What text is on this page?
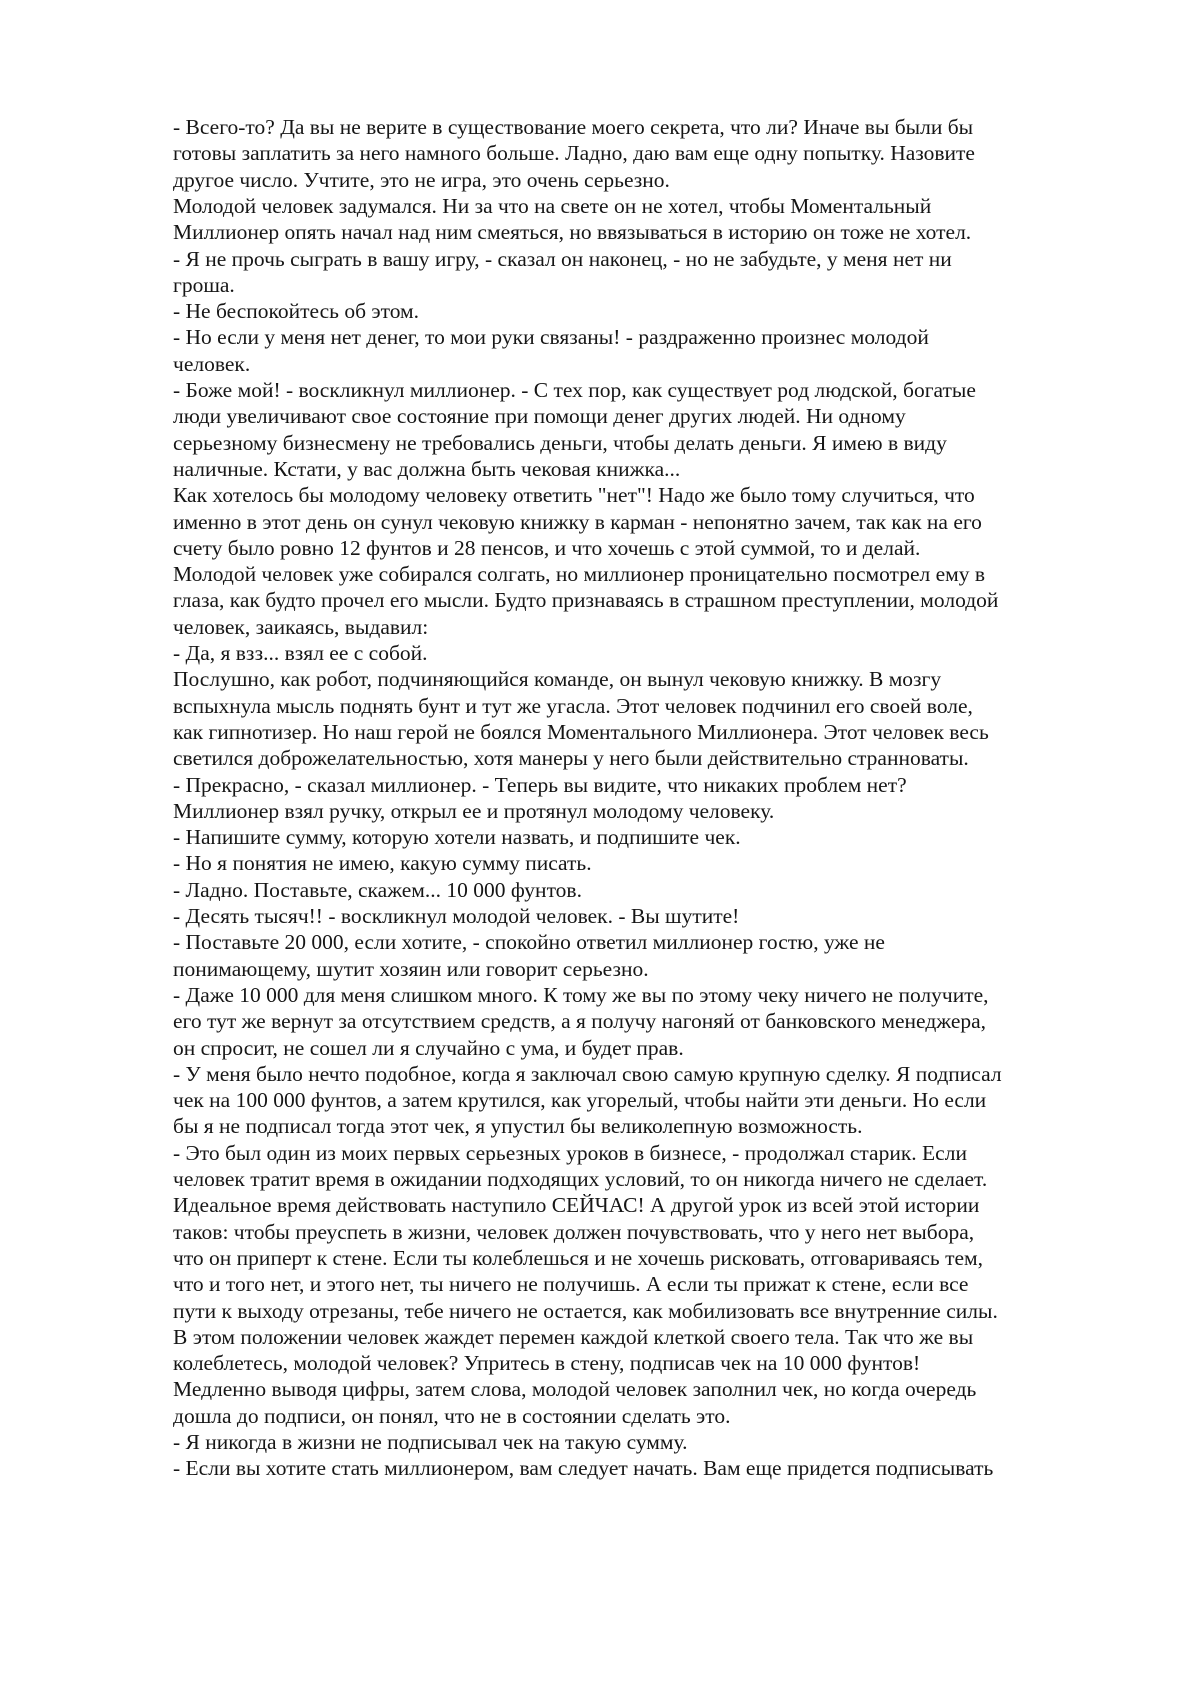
- Всего-то? Да вы не верите в существование моего секрета, что ли? Иначе вы были бы

готовы заплатить за него намного больше. Ладно, даю вам еще одну попытку. Назовите

другое число. Учтите, это не игра, это очень серьезно.

Молодой человек задумался. Ни за что на свете он не хотел, чтобы Моментальный

Миллионер опять начал над ним смеяться, но ввязываться в историю он тоже не хотел.

- Я не прочь сыграть в вашу игру, - сказал он наконец, - но не забудьте, у меня нет ни

гроша.

- Не беспокойтесь об этом.

- Но если у меня нет денег, то мои руки связаны! - раздраженно произнес молодой

человек.

- Боже мой! - воскликнул миллионер. - С тех пор, как существует род людской, богатые

люди увеличивают свое состояние при помощи денег других людей. Ни одному

серьезному бизнесмену не требовались деньги, чтобы делать деньги. Я имею в виду

наличные. Кстати, у вас должна быть чековая книжка...

Как хотелось бы молодому человеку ответить "нет"! Надо же было тому случиться, что

именно в этот день он сунул чековую книжку в карман - непонятно зачем, так как на его

счету было ровно 12 фунтов и 28 пенсов, и что хочешь с этой суммой, то и делай.

Молодой человек уже собирался солгать, но миллионер проницательно посмотрел ему в

глаза, как будто прочел его мысли. Будто признаваясь в страшном преступлении, молодой

человек, заикаясь, выдавил:

- Да, я взз... взял ее с собой.

Послушно, как робот, подчиняющийся команде, он вынул чековую книжку. В мозгу

вспыхнула мысль поднять бунт и тут же угасла. Этот человек подчинил его своей воле,

как гипнотизер. Но наш герой не боялся Моментального Миллионера. Этот человек весь

светился доброжелательностью, хотя манеры у него были действительно странноваты.

- Прекрасно, - сказал миллионер. - Теперь вы видите, что никаких проблем нет?

Миллионер взял ручку, открыл ее и протянул молодому человеку.

- Напишите сумму, которую хотели назвать, и подпишите чек.

- Но я понятия не имею, какую сумму писать.

- Ладно. Поставьте, скажем... 10 000 фунтов.

- Десять тысяч!! - воскликнул молодой человек. - Вы шутите!

- Поставьте 20 000, если хотите, - спокойно ответил миллионер гостю, уже не

понимающему, шутит хозяин или говорит серьезно.

- Даже 10 000 для меня слишком много. К тому же вы по этому чеку ничего не получите,

его тут же вернут за отсутствием средств, а я получу нагоняй от банковского менеджера,

он спросит, не сошел ли я случайно с ума, и будет прав.

- У меня было нечто подобное, когда я заключал свою самую крупную сделку. Я подписал

чек на 100 000 фунтов, а затем крутился, как угорелый, чтобы найти эти деньги. Но если

бы я не подписал тогда этот чек, я упустил бы великолепную возможность.

- Это был один из моих первых серьезных уроков в бизнесе, - продолжал старик. Если

человек тратит время в ожидании подходящих условий, то он никогда ничего не сделает.

Идеальное время действовать наступило СЕЙЧАС! А другой урок из всей этой истории

таков: чтобы преуспеть в жизни, человек должен почувствовать, что у него нет выбора,

что он приперт к стене. Если ты колеблешься и не хочешь рисковать, отговариваясь тем,

что и того нет, и этого нет, ты ничего не получишь. А если ты прижат к стене, если все

пути к выходу отрезаны, тебе ничего не остается, как мобилизовать все внутренние силы.

В этом положении человек жаждет перемен каждой клеткой своего тела. Так что же вы

колеблетесь, молодой человек? Упритесь в стену, подписав чек на 10 000 фунтов!

Медленно выводя цифры, затем слова, молодой человек заполнил чек, но когда очередь

дошла до подписи, он понял, что не в состоянии сделать это.

- Я никогда в жизни не подписывал чек на такую сумму.

- Если вы хотите стать миллионером, вам следует начать. Вам еще придется подписывать
